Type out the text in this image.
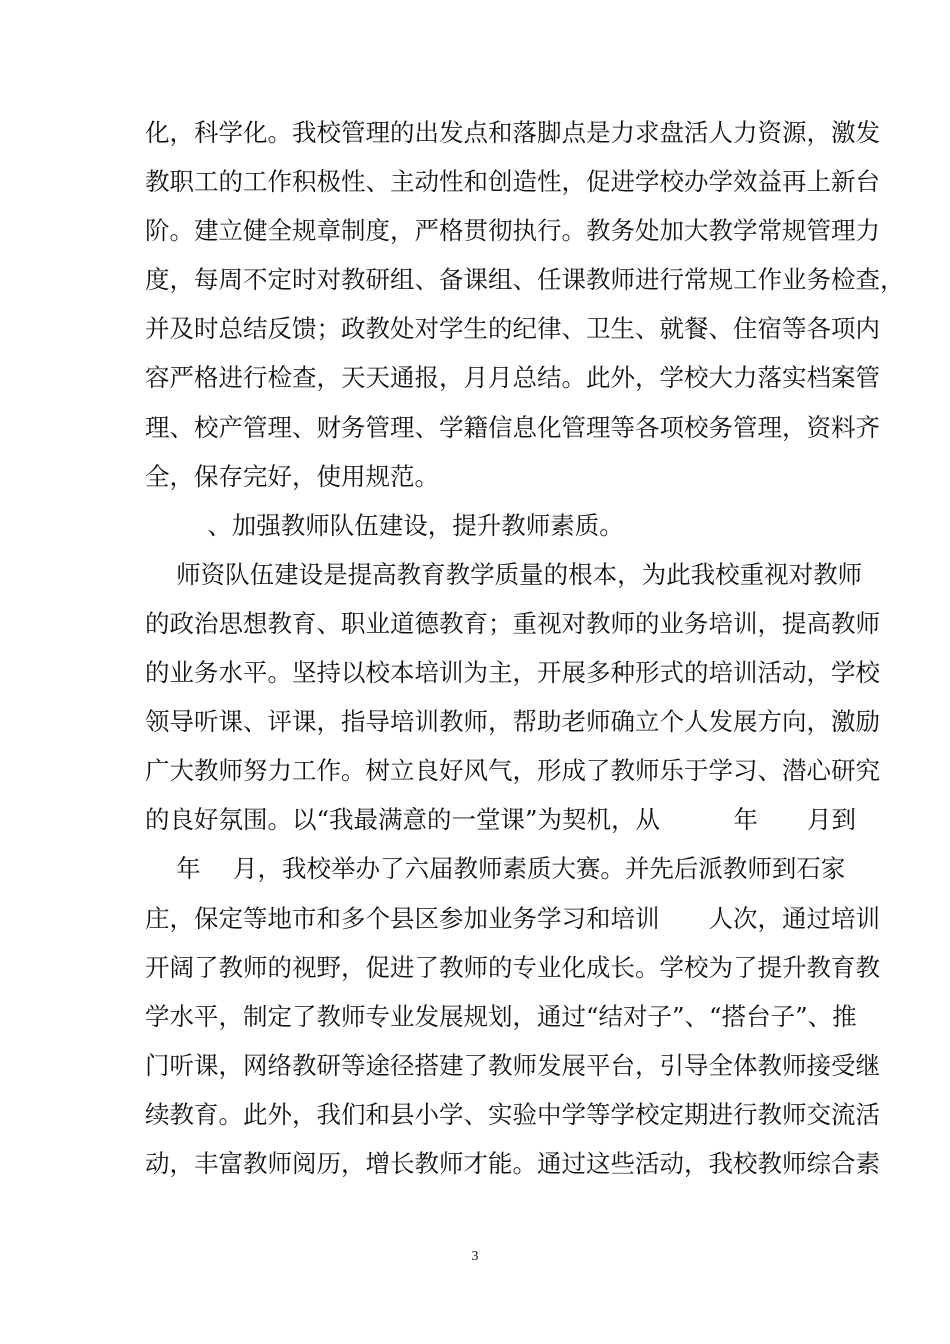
化，科学化。我校管理的出发点和落脚点是力求盘活人力资源，激发
教职工的工作积极性、主动性和创造性，促进学校办学效益再上新台
阶。建立健全规章制度，严格贯彻执行。教务处加大教学常规管理力
度，每周不定时对教研组、备课组、任课教师进行常规工作业务检查，
并及时总结反馈；政教处对学生的纪律、卫生、就餐、住宿等各项内
容严格进行检查，天天通报，月月总结。此外，学校大力落实档案管
理、校产管理、财务管理、学籍信息化管理等各项校务管理，资料齐
全，保存完好，使用规范。
、加强教师队伍建设，提升教师素质。
师资队伍建设是提高教育教学质量的根本，为此我校重视对教师
的政治思想教育、职业道德教育；重视对教师的业务培训，提高教师
的业务水平。坚持以校本培训为主，开展多种形式的培训活动，学校
领导听课、评课，指导培训教师，帮助老师确立个人发展方向，激励
广大教师努力工作。树立良好风气，形成了教师乐于学习、潜心研究
的良好氛围。以“我最满意的一堂课”为契机，从　　　年　　月到
年　 月，我校举办了六届教师素质大赛。并先后派教师到石家
庄，保定等地市和多个县区参加业务学习和培训　　人次，通过培训
开阔了教师的视野，促进了教师的专业化成长。学校为了提升教育教
学水平，制定了教师专业发展规划，通过“结对子”、“搭台子”、推
门听课，网络教研等途径搭建了教师发展平台，引导全体教师接受继
续教育。此外，我们和县小学、实验中学等学校定期进行教师交流活
动，丰富教师阅历，增长教师才能。通过这些活动，我校教师综合素
3
